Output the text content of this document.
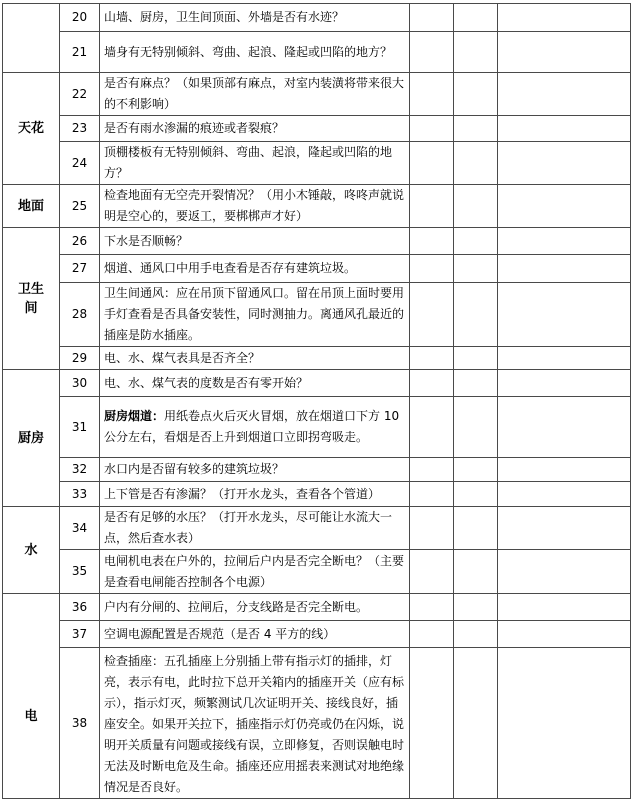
	20	山墙、厨房，卫生间顶面、外墙是否有水迹？			
	21	墙身有无特别倾斜、弯曲、起浪、隆起或凹陷的地方？			
天花	22	是否有麻点？（如果顶部有麻点，对室内装潢将带来很大的不利影响）			
	23	是否有雨水渗漏的痕迹或者裂痕？			
	24	顶棚楼板有无特别倾斜、弯曲、起浪，隆起或凹陷的地方？			
地面	25	检查地面有无空壳开裂情况？（用小木锤敲，咚咚声就说明是空心的，要返工，要梆梆声才好）			

卫生间	26	下水是否顺畅？			
	27	烟道、通风口中用手电查看是否存有建筑垃圾。			
	28	卫生间通风：应在吊顶下留通风口。留在吊顶上面时要用手灯查看是否具备安装性，同时测抽力。离通风孔最近的插座是防水插座。			
	29	电、水、煤气表具是否齐全？			
厨房	30	电、水、煤气表的度数是否有零开始？			
	31	厨房烟道：用纸卷点火后灭火冒烟，放在烟道口下方 10 公分左右，看烟是否上升到烟道口立即拐弯吸走。			
	32	水口内是否留有较多的建筑垃圾？			
	33	上下管是否有渗漏？（打开水龙头，查看各个管道）			
水	34	是否有足够的水压？（打开水龙头，尽可能让水流大一点，然后查水表）			
	35	电闸机电表在户外的，拉闸后户内是否完全断电？（主要是查看电闸能否控制各个电源）			

电	36	户内有分闸的、拉闸后，分支线路是否完全断电。			
	37	空调电源配置是否规范（是否 4 平方的线）			
	38	检查插座：五孔插座上分别插上带有指示灯的插排，灯亮，表示有电，此时拉下总开关箱内的插座开关（应有标示），指示灯灭，频繁测试几次证明开关、接线良好，插座安全。如果开关拉下，插座指示灯仍亮或仍在闪烁，说明开关质量有问题或接线有误，立即修复，否则误触电时无法及时断电危及生命。插座还应用摇表来测试对地绝缘情况是否良好。			
